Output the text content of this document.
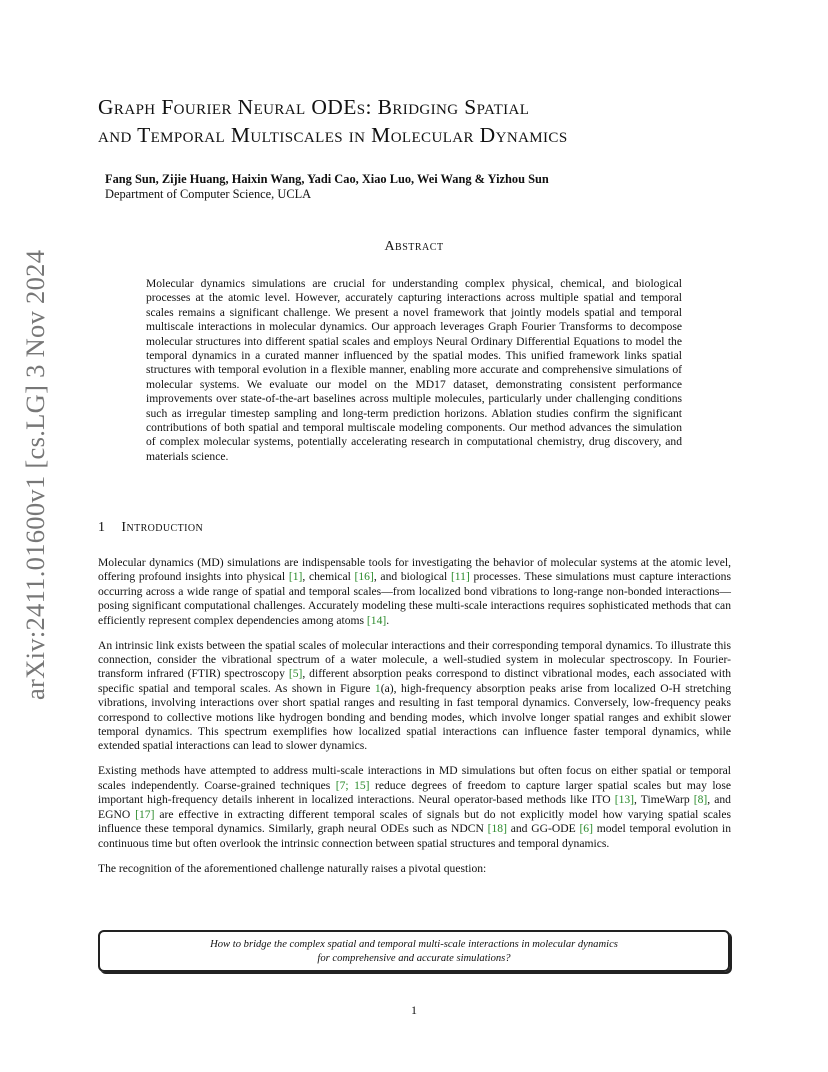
arXiv:2411.01600v1 [cs.LG] 3 Nov 2024
Graph Fourier Neural ODEs: Bridging Spatial
and Temporal Multiscales in Molecular Dynamics
Fang Sun, Zijie Huang, Haixin Wang, Yadi Cao, Xiao Luo, Wei Wang & Yizhou Sun
Department of Computer Science, UCLA
Abstract
Molecular dynamics simulations are crucial for understanding complex physical, chemical, and biological processes at the atomic level. However, accurately capturing interactions across multiple spatial and temporal scales remains a significant challenge. We present a novel framework that jointly models spatial and temporal multiscale interactions in molecular dynamics. Our approach leverages Graph Fourier Transforms to decompose molecular structures into different spatial scales and employs Neural Ordinary Differential Equations to model the temporal dynamics in a curated manner influenced by the spatial modes. This unified framework links spatial structures with temporal evolution in a flexible manner, enabling more accurate and comprehensive simulations of molecular systems. We evaluate our model on the MD17 dataset, demonstrating consistent performance improvements over state-of-the-art baselines across multiple molecules, particularly under challenging conditions such as irregular timestep sampling and long-term prediction horizons. Ablation studies confirm the significant contributions of both spatial and temporal multiscale modeling components. Our method advances the simulation of complex molecular systems, potentially accelerating research in computational chemistry, drug discovery, and materials science.
1 Introduction

Molecular dynamics (MD) simulations are indispensable tools for investigating the behavior of molecular systems at the atomic level, offering profound insights into physical [1], chemical [16], and biological [11] processes. These simulations must capture interactions occurring across a wide range of spatial and temporal scales—from localized bond vibrations to long-range non-bonded interactions—posing significant computational challenges. Accurately modeling these multi-scale interactions requires sophisticated methods that can efficiently represent complex dependencies among atoms [14].

An intrinsic link exists between the spatial scales of molecular interactions and their corresponding temporal dynamics. To illustrate this connection, consider the vibrational spectrum of a water molecule, a well-studied system in molecular spectroscopy. In Fourier-transform infrared (FTIR) spectroscopy [5], different absorption peaks correspond to distinct vibrational modes, each associated with specific spatial and temporal scales. As shown in Figure 1(a), high-frequency absorption peaks arise from localized O-H stretching vibrations, involving interactions over short spatial ranges and resulting in fast temporal dynamics. Conversely, low-frequency peaks correspond to collective motions like hydrogen bonding and bending modes, which involve longer spatial ranges and exhibit slower temporal dynamics. This spectrum exemplifies how localized spatial interactions can influence faster temporal dynamics, while extended spatial interactions can lead to slower dynamics.

Existing methods have attempted to address multi-scale interactions in MD simulations but often focus on either spatial or temporal scales independently. Coarse-grained techniques [7; 15] reduce degrees of freedom to capture larger spatial scales but may lose important high-frequency details inherent in localized interactions. Neural operator-based methods like ITO [13], TimeWarp [8], and EGNO [17] are effective in extracting different temporal scales of signals but do not explicitly model how varying spatial scales influence these temporal dynamics. Similarly, graph neural ODEs such as NDCN [18] and GG-ODE [6] model temporal evolution in continuous time but often overlook the intrinsic connection between spatial structures and temporal dynamics.

The recognition of the aforementioned challenge naturally raises a pivotal question:

How to bridge the complex spatial and temporal multi-scale interactions in molecular dynamics
for comprehensive and accurate simulations?
1
